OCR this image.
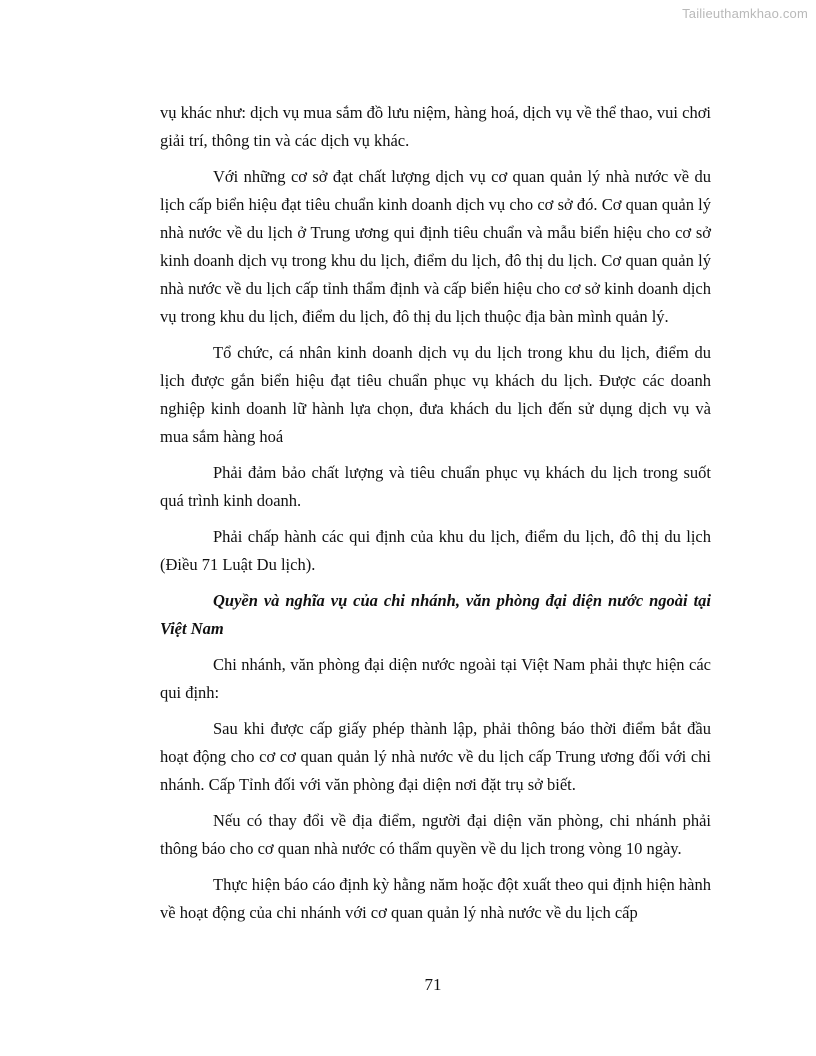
Tailieuthamkhao.com

vụ khác như: dịch vụ mua sắm đồ lưu niệm, hàng hoá, dịch vụ về thể thao, vui chơi giải trí, thông tin và các dịch vụ khác.

Với những cơ sở đạt chất lượng dịch vụ cơ quan quản lý nhà nước về du lịch cấp biển hiệu đạt tiêu chuẩn kinh doanh dịch vụ cho cơ sở đó. Cơ quan quản lý nhà nước về du lịch ở Trung ương qui định tiêu chuẩn và mẫu biển hiệu cho cơ sở kinh doanh dịch vụ trong khu du lịch, điểm du lịch, đô thị du lịch. Cơ quan quản lý nhà nước về du lịch cấp tỉnh thẩm định và cấp biển hiệu cho cơ sở kinh doanh dịch vụ trong khu du lịch, điểm du lịch, đô thị du lịch thuộc địa bàn mình quản lý.

Tổ chức, cá nhân kinh doanh dịch vụ du lịch trong khu du lịch, điểm du lịch được gắn biển hiệu đạt tiêu chuẩn phục vụ khách du lịch. Được các doanh nghiệp kinh doanh lữ hành lựa chọn, đưa khách du lịch đến sử dụng dịch vụ và mua sắm hàng hoá

Phải đảm bảo chất lượng và tiêu chuẩn phục vụ khách du lịch trong suốt quá trình kinh doanh.

Phải chấp hành các qui định của khu du lịch, điểm du lịch, đô thị du lịch (Điều 71 Luật Du lịch).

Quyền và nghĩa vụ của chi nhánh, văn phòng đại diện nước ngoài tại Việt Nam

Chi nhánh, văn phòng đại diện nước ngoài tại Việt Nam phải thực hiện các qui định:

Sau khi được cấp giấy phép thành lập, phải thông báo thời điểm bắt đầu hoạt động cho cơ cơ quan quản lý nhà nước về du lịch cấp Trung ương đối với chi nhánh. Cấp Tỉnh đối với văn phòng đại diện nơi đặt trụ sở biết.

Nếu có thay đổi về địa điểm, người đại diện văn phòng, chi nhánh phải thông báo cho cơ quan nhà nước có thẩm quyền về du lịch trong vòng 10 ngày.

Thực hiện báo cáo định kỳ hằng năm hoặc đột xuất theo qui định hiện hành về hoạt động của chi nhánh với cơ quan quản lý nhà nước về du lịch cấp

71
